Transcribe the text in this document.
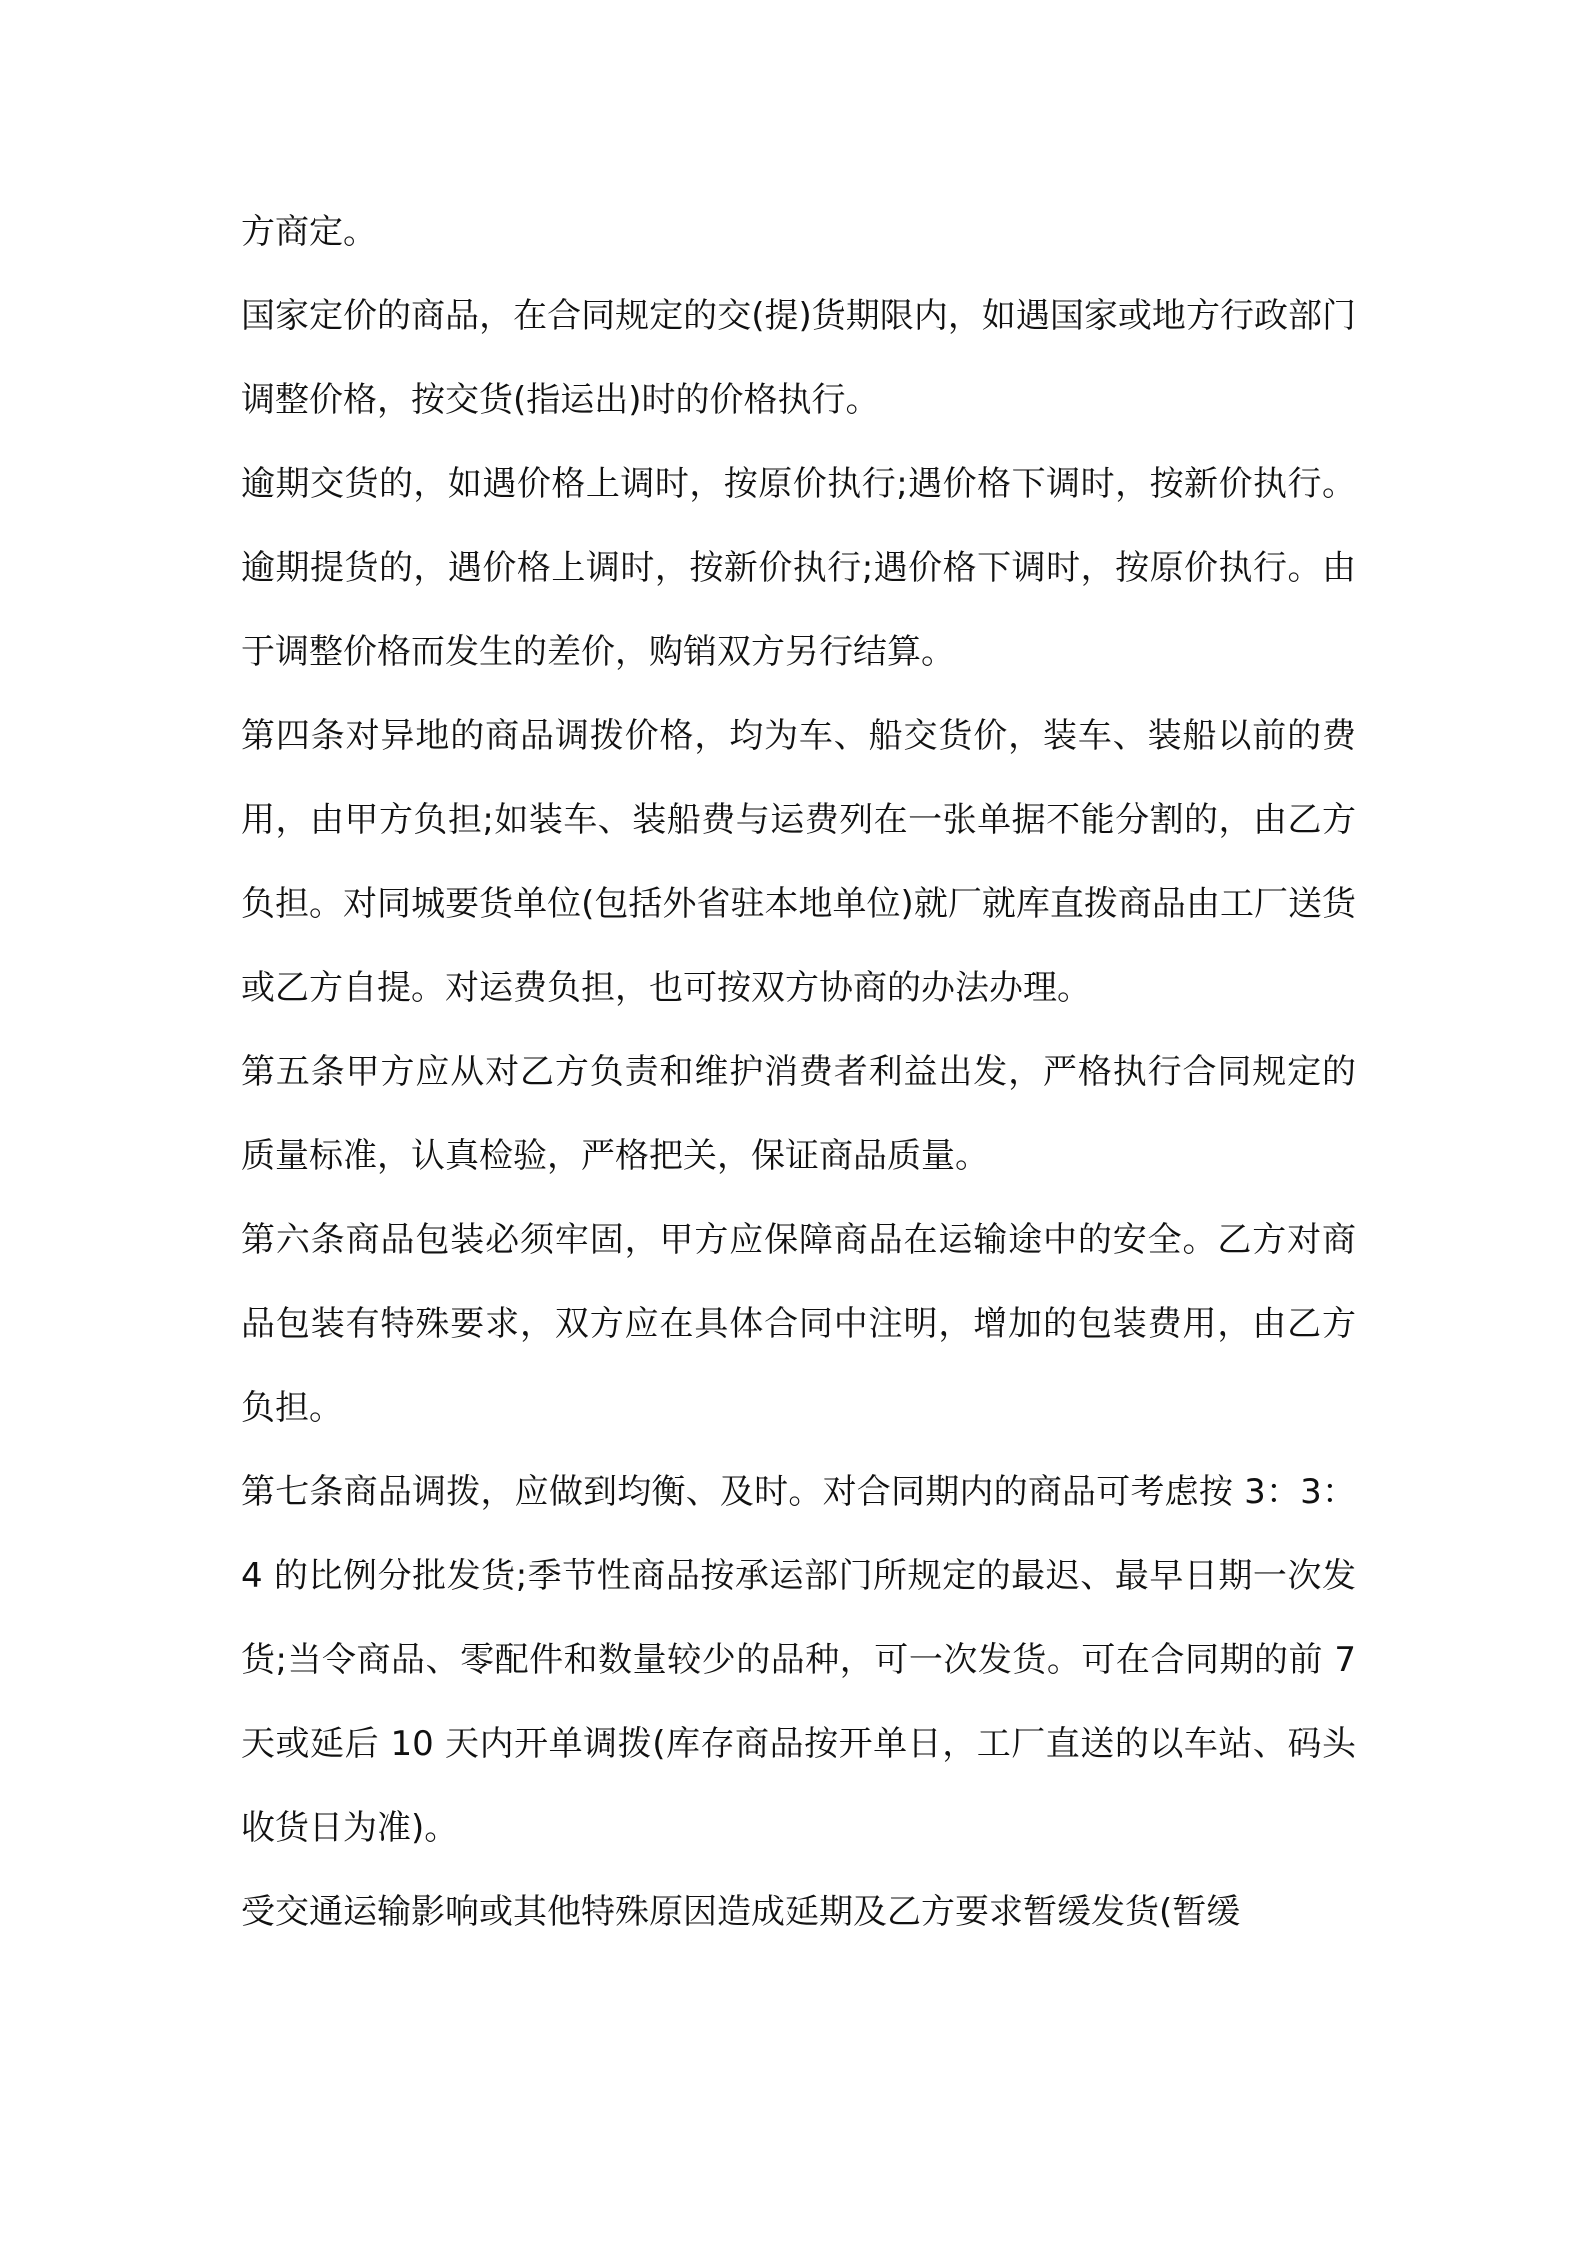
方商定。

国家定价的商品，在合同规定的交(提)货期限内，如遇国家或地方行政部门调整价格，按交货(指运出)时的价格执行。

逾期交货的，如遇价格上调时，按原价执行;遇价格下调时，按新价执行。逾期提货的，遇价格上调时，按新价执行;遇价格下调时，按原价执行。由于调整价格而发生的差价，购销双方另行结算。

第四条对异地的商品调拨价格，均为车、船交货价，装车、装船以前的费用，由甲方负担;如装车、装船费与运费列在一张单据不能分割的，由乙方负担。对同城要货单位(包括外省驻本地单位)就厂就库直拨商品由工厂送货或乙方自提。对运费负担，也可按双方协商的办法办理。

第五条甲方应从对乙方负责和维护消费者利益出发，严格执行合同规定的质量标准，认真检验，严格把关，保证商品质量。

第六条商品包装必须牢固，甲方应保障商品在运输途中的安全。乙方对商品包装有特殊要求，双方应在具体合同中注明，增加的包装费用，由乙方负担。

第七条商品调拨，应做到均衡、及时。对合同期内的商品可考虑按 3：3：4 的比例分批发货;季节性商品按承运部门所规定的最迟、最早日期一次发货;当令商品、零配件和数量较少的品种，可一次发货。可在合同期的前 7 天或延后 10 天内开单调拨(库存商品按开单日，工厂直送的以车站、码头收货日为准)。

受交通运输影响或其他特殊原因造成延期及乙方要求暂缓发货(暂缓
